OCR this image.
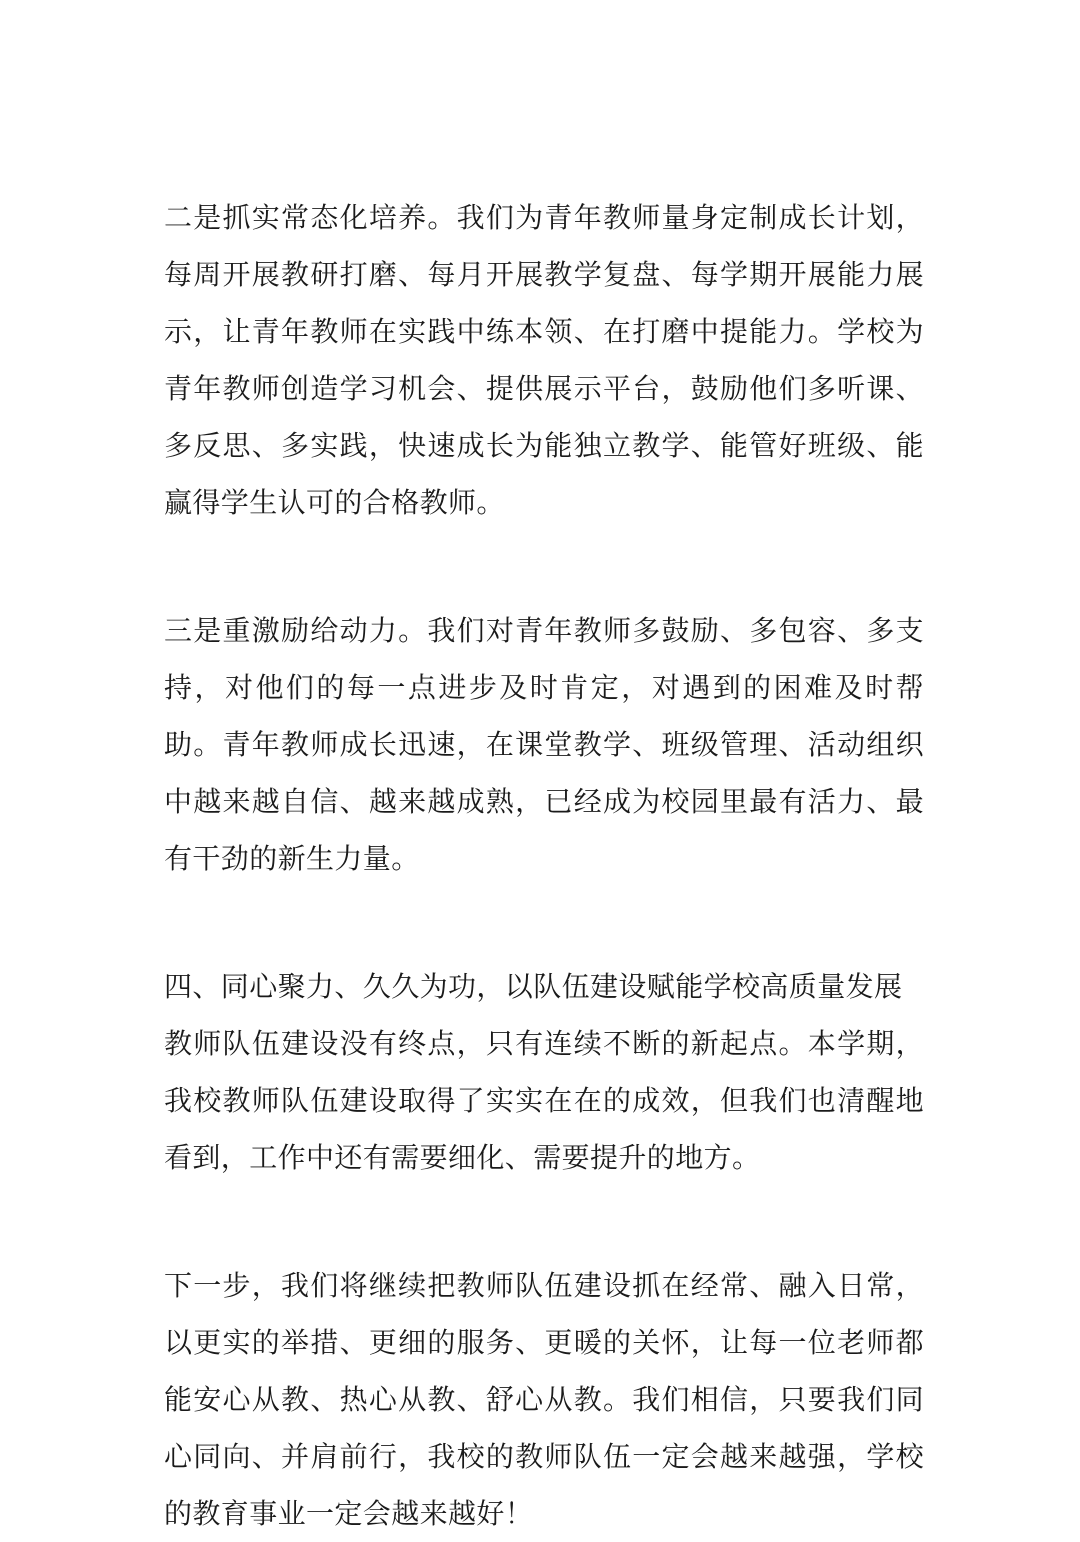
二是抓实常态化培养。我们为青年教师量身定制成长计划，每周开展教研打磨、每月开展教学复盘、每学期开展能力展示，让青年教师在实践中练本领、在打磨中提能力。学校为青年教师创造学习机会、提供展示平台，鼓励他们多听课、多反思、多实践，快速成长为能独立教学、能管好班级、能赢得学生认可的合格教师。

三是重激励给动力。我们对青年教师多鼓励、多包容、多支持，对他们的每一点进步及时肯定，对遇到的困难及时帮助。青年教师成长迅速，在课堂教学、班级管理、活动组织中越来越自信、越来越成熟，已经成为校园里最有活力、最有干劲的新生力量。

四、同心聚力、久久为功，以队伍建设赋能学校高质量发展

教师队伍建设没有终点，只有连续不断的新起点。本学期，我校教师队伍建设取得了实实在在的成效，但我们也清醒地看到，工作中还有需要细化、需要提升的地方。

下一步，我们将继续把教师队伍建设抓在经常、融入日常，以更实的举措、更细的服务、更暖的关怀，让每一位老师都能安心从教、热心从教、舒心从教。我们相信，只要我们同心同向、并肩前行，我校的教师队伍一定会越来越强，学校的教育事业一定会越来越好！
